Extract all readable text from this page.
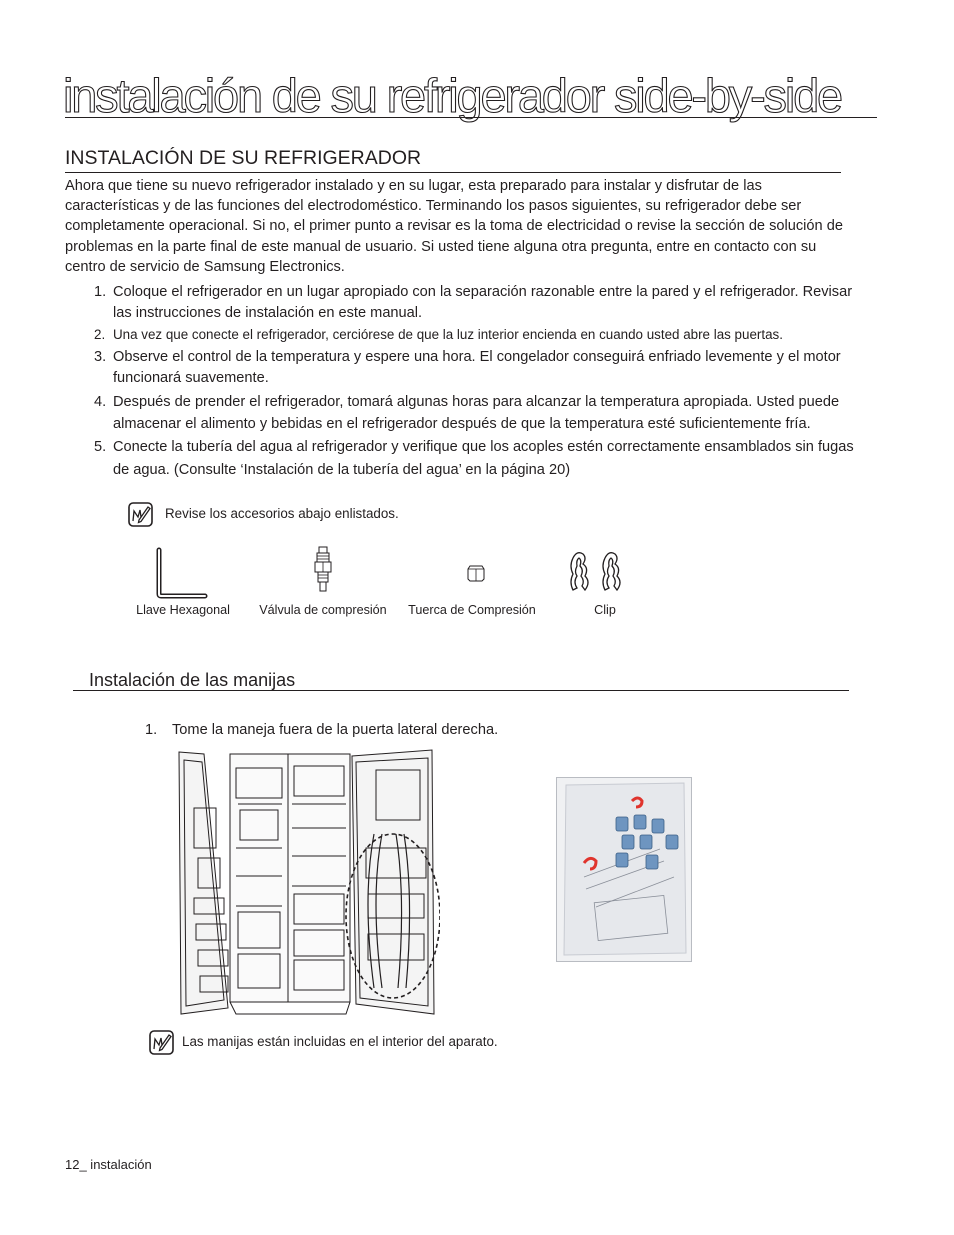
instalación de su refrigerador side-by-side
INSTALACIÓN DE SU REFRIGERADOR

Ahora que tiene su nuevo refrigerador instalado y en su lugar, esta preparado para instalar y disfrutar de las características y de las funciones del electrodoméstico. Terminando los pasos siguientes, su refrigerador debe ser completamente operacional. Si no, el primer punto a revisar es la toma de electricidad o revise la sección de solución de problemas en la parte final de este manual de usuario. Si usted tiene alguna otra pregunta, entre en contacto con su centro de servicio de Samsung Electronics.

1. Coloque el refrigerador en un lugar apropiado con la separación razonable entre la pared y el refrigerador. Revisar las instrucciones de instalación en este manual.
2. Una vez que conecte el refrigerador, cerciórese de que la luz interior encienda en cuando usted abre las puertas.
3. Observe el control de la temperatura y espere una hora. El congelador conseguirá enfriado levemente y el motor funcionará suavemente.
4. Después de prender el refrigerador, tomará algunas horas para alcanzar la temperatura apropiada. Usted puede almacenar el alimento y bebidas en el refrigerador después de que la temperatura esté suficientemente fría.
5. Conecte la tubería del agua al refrigerador y verifique que los acoples estén correctamente ensamblados sin fugas de agua. (Consulte ‘Instalación de la tubería del agua’ en la página 20)
Revise los accesorios abajo enlistados.
Llave Hexagonal	Válvula de compresión	Tuerca de Compresión	Clip
Instalación de las manijas
1. Tome la maneja fuera de la puerta lateral derecha.
Las manijas están incluidas en el interior del aparato.
12_ instalación
